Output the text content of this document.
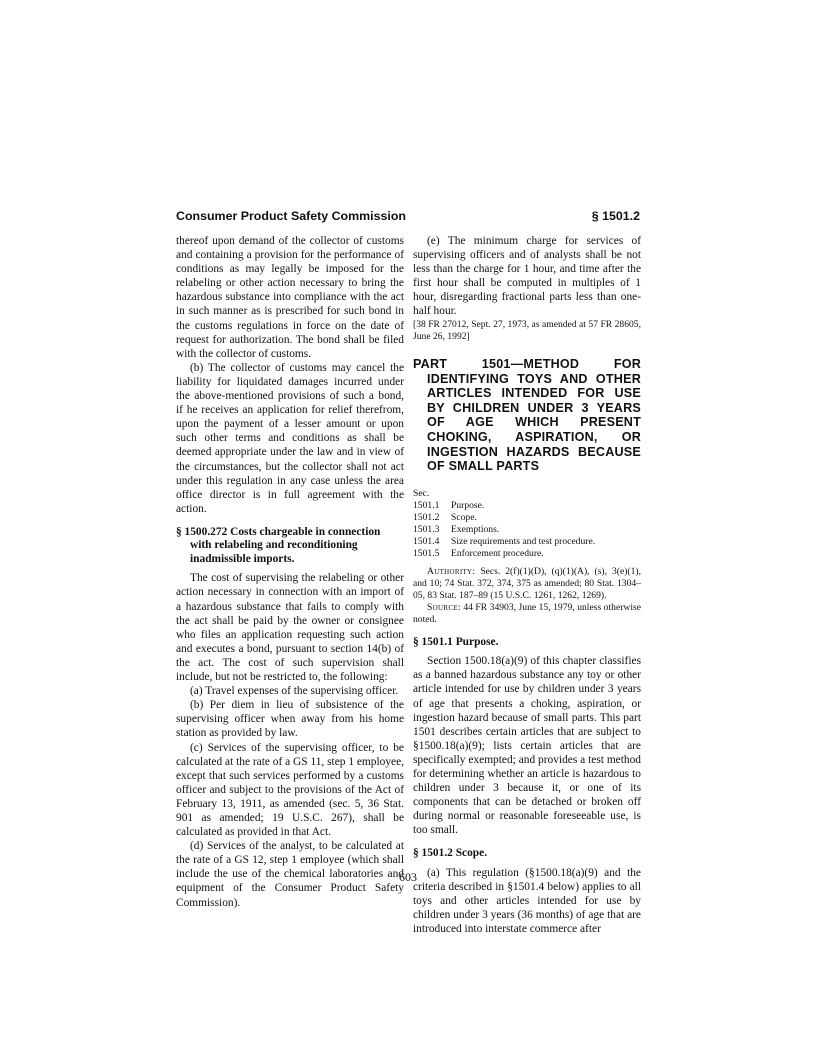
Consumer Product Safety Commission	§ 1501.2

thereof upon demand of the collector of customs and containing a provision for the performance of conditions as may legally be imposed for the relabeling or other action necessary to bring the hazardous substance into compliance with the act in such manner as is prescribed for such bond in the customs regulations in force on the date of request for authorization. The bond shall be filed with the collector of customs.

(b) The collector of customs may cancel the liability for liquidated damages incurred under the above-mentioned provisions of such a bond, if he receives an application for relief therefrom, upon the payment of a lesser amount or upon such other terms and conditions as shall be deemed appropriate under the law and in view of the circumstances, but the collector shall not act under this regulation in any case unless the area office director is in full agreement with the action.

§ 1500.272 Costs chargeable in connection with relabeling and reconditioning inadmissible imports.

The cost of supervising the relabeling or other action necessary in connection with an import of a hazardous substance that fails to comply with the act shall be paid by the owner or consignee who files an application requesting such action and executes a bond, pursuant to section 14(b) of the act. The cost of such supervision shall include, but not be restricted to, the following:

(a) Travel expenses of the supervising officer.

(b) Per diem in lieu of subsistence of the supervising officer when away from his home station as provided by law.

(c) Services of the supervising officer, to be calculated at the rate of a GS 11, step 1 employee, except that such services performed by a customs officer and subject to the provisions of the Act of February 13, 1911, as amended (sec. 5, 36 Stat. 901 as amended; 19 U.S.C. 267), shall be calculated as provided in that Act.

(d) Services of the analyst, to be calculated at the rate of a GS 12, step 1 employee (which shall include the use of the chemical laboratories and equipment of the Consumer Product Safety Commission).

(e) The minimum charge for services of supervising officers and of analysts shall be not less than the charge for 1 hour, and time after the first hour shall be computed in multiples of 1 hour, disregarding fractional parts less than one-half hour.

[38 FR 27012, Sept. 27, 1973, as amended at 57 FR 28605, June 26, 1992]

PART 1501—METHOD FOR IDENTIFYING TOYS AND OTHER ARTICLES INTENDED FOR USE BY CHILDREN UNDER 3 YEARS OF AGE WHICH PRESENT CHOKING, ASPIRATION, OR INGESTION HAZARDS BECAUSE OF SMALL PARTS
Sec.
1501.1	Purpose.
1501.2	Scope.
1501.3	Exemptions.
1501.4	Size requirements and test procedure.
1501.5	Enforcement procedure.

Authority: Secs. 2(f)(1)(D), (q)(1)(A), (s), 3(e)(1), and 10; 74 Stat. 372, 374, 375 as amended; 80 Stat. 1304–05, 83 Stat. 187–89 (15 U.S.C. 1261, 1262, 1269).

Source: 44 FR 34903, June 15, 1979, unless otherwise noted.

§ 1501.1 Purpose.

Section 1500.18(a)(9) of this chapter classifies as a banned hazardous substance any toy or other article intended for use by children under 3 years of age that presents a choking, aspiration, or ingestion hazard because of small parts. This part 1501 describes certain articles that are subject to §1500.18(a)(9); lists certain articles that are specifically exempted; and provides a test method for determining whether an article is hazardous to children under 3 because it, or one of its components that can be detached or broken off during normal or reasonable foreseeable use, is too small.

§ 1501.2 Scope.

(a) This regulation (§1500.18(a)(9) and the criteria described in §1501.4 below) applies to all toys and other articles intended for use by children under 3 years (36 months) of age that are introduced into interstate commerce after

603
